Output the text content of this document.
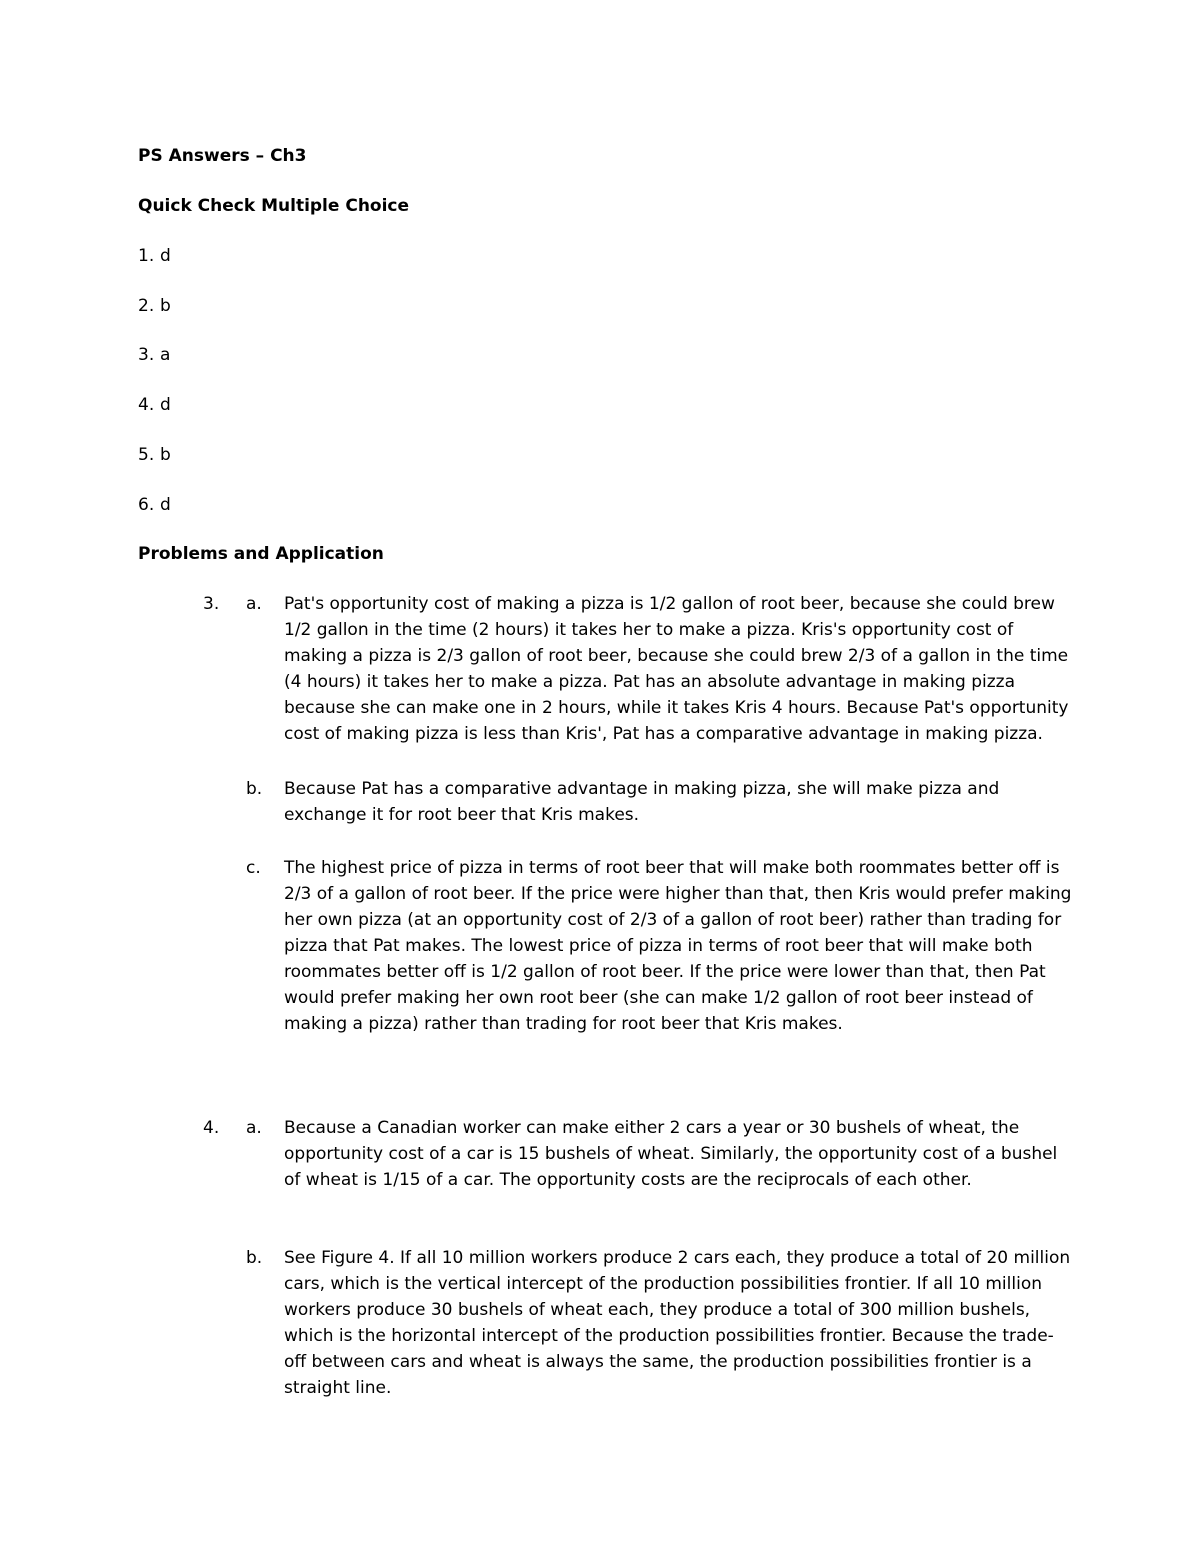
PS Answers – Ch3
Quick Check Multiple Choice
1. d
2. b
3. a
4. d
5. b
6. d
Problems and Application
3. a. Pat's opportunity cost of making a pizza is 1/2 gallon of root beer, because she could brew 1/2 gallon in the time (2 hours) it takes her to make a pizza. Kris's opportunity cost of making a pizza is 2/3 gallon of root beer, because she could brew 2/3 of a gallon in the time (4 hours) it takes her to make a pizza. Pat has an absolute advantage in making pizza because she can make one in 2 hours, while it takes Kris 4 hours. Because Pat's opportunity cost of making pizza is less than Kris', Pat has a comparative advantage in making pizza.
b. Because Pat has a comparative advantage in making pizza, she will make pizza and exchange it for root beer that Kris makes.
c. The highest price of pizza in terms of root beer that will make both roommates better off is 2/3 of a gallon of root beer. If the price were higher than that, then Kris would prefer making her own pizza (at an opportunity cost of 2/3 of a gallon of root beer) rather than trading for pizza that Pat makes. The lowest price of pizza in terms of root beer that will make both roommates better off is 1/2 gallon of root beer. If the price were lower than that, then Pat would prefer making her own root beer (she can make 1/2 gallon of root beer instead of making a pizza) rather than trading for root beer that Kris makes.
4. a. Because a Canadian worker can make either 2 cars a year or 30 bushels of wheat, the opportunity cost of a car is 15 bushels of wheat. Similarly, the opportunity cost of a bushel of wheat is 1/15 of a car. The opportunity costs are the reciprocals of each other.
b. See Figure 4. If all 10 million workers produce 2 cars each, they produce a total of 20 million cars, which is the vertical intercept of the production possibilities frontier. If all 10 million workers produce 30 bushels of wheat each, they produce a total of 300 million bushels, which is the horizontal intercept of the production possibilities frontier. Because the trade-off between cars and wheat is always the same, the production possibilities frontier is a straight line.
